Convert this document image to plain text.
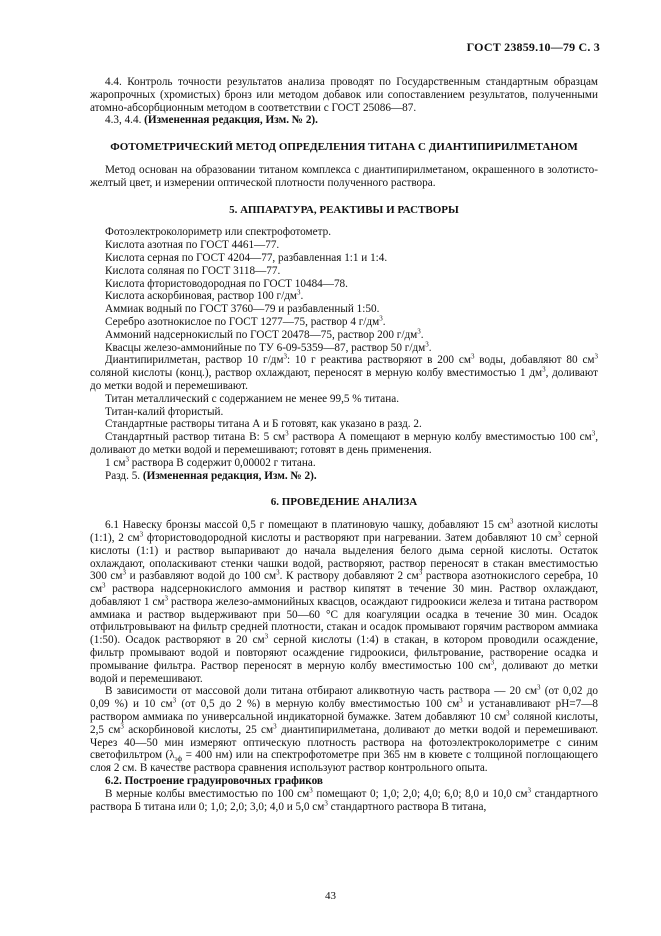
ГОСТ 23859.10—79 С. 3

4.4. Контроль точности результатов анализа проводят по Государственным стандартным образцам жаропрочных (хромистых) бронз или методом добавок или сопоставлением результатов, полученными атомно-абсорбционным методом в соответствии с ГОСТ 25086—87.

4.3, 4.4. (Измененная редакция, Изм. № 2).

ФОТОМЕТРИЧЕСКИЙ МЕТОД ОПРЕДЕЛЕНИЯ ТИТАНА С ДИАНТИПИРИЛМЕТАНОМ

Метод основан на образовании титаном комплекса с диантипирилметаном, окрашенного в золотисто-желтый цвет, и измерении оптической плотности полученного раствора.

5. АППАРАТУРА, РЕАКТИВЫ И РАСТВОРЫ

Фотоэлектроколориметр или спектрофотометр.

Кислота азотная по ГОСТ 4461—77.

Кислота серная по ГОСТ 4204—77, разбавленная 1:1 и 1:4.

Кислота соляная по ГОСТ 3118—77.

Кислота фтористоводородная по ГОСТ 10484—78.

Кислота аскорбиновая, раствор 100 $г/дм^3$.

Аммиак водный по ГОСТ 3760—79 и разбавленный 1:50.

Серебро азотнокислое по ГОСТ 1277—75, раствор 4 $г/дм^3$.

Аммоний надсернокислый по ГОСТ 20478—75, раствор 200 $г/дм^3$.

Квасцы железо-аммонийные по ТУ 6-09-5359—87, раствор 50 $г/дм^3$.

Диантипирилметан, раствор 10 $г/дм^3$: 10 г реактива растворяют в 200 $см^3$ воды, добавляют 80 $см^3$ соляной кислоты (конц.), раствор охлаждают, переносят в мерную колбу вместимостью 1 $дм^3$, доливают до метки водой и перемешивают.

Титан металлический с содержанием не менее 99,5 % титана.

Титан-калий фтористый.

Стандартные растворы титана А и Б готовят, как указано в разд. 2.

Стандартный раствор титана В: 5 $см^3$ раствора А помещают в мерную колбу вместимостью 100 $см^3$, доливают до метки водой и перемешивают; готовят в день применения.

1 $см^3$ раствора В содержит 0,00002 г титана.

Разд. 5. (Измененная редакция, Изм. № 2).

6. ПРОВЕДЕНИЕ АНАЛИЗА

6.1 Навеску бронзы массой 0,5 г помещают в платиновую чашку, добавляют 15 $см^3$ азотной кислоты (1:1), 2 $см^3$ фтористоводородной кислоты и растворяют при нагревании. Затем добавляют 10 $см^3$ серной кислоты (1:1) и раствор выпаривают до начала выделения белого дыма серной кислоты. Остаток охлаждают, ополаскивают стенки чашки водой, растворяют, раствор переносят в стакан вместимостью 300 $см^3$ и разбавляют водой до 100 $см^3$. К раствору добавляют 2 $см^3$ раствора азотнокислого серебра, 10 $см^3$ раствора надсернокислого аммония и раствор кипятят в течение 30 мин. Раствор охлаждают, добавляют 1 $см^3$ раствора железо-аммонийных квасцов, осаждают гидроокиси железа и титана раствором аммиака и раствор выдерживают при 50—60 °С для коагуляции осадка в течение 30 мин. Осадок отфильтровывают на фильтр средней плотности, стакан и осадок промывают горячим раствором аммиака (1:50). Осадок растворяют в 20 $см^3$ серной кислоты (1:4) в стакан, в котором проводили осаждение, фильтр промывают водой и повторяют осаждение гидроокиси, фильтрование, растворение осадка и промывание фильтра. Раствор переносят в мерную колбу вместимостью 100 $см^3$, доливают до метки водой и перемешивают.

В зависимости от массовой доли титана отбирают аликвотную часть раствора — 20 $см^3$ (от 0,02 до 0,09 %) и 10 $см^3$ (от 0,5 до 2 %) в мерную колбу вместимостью 100 $см^3$ и устанавливают pH=7—8 раствором аммиака по универсальной индикаторной бумажке. Затем добавляют 10 $см^3$ соляной кислоты, 2,5 $см^3$ аскорбиновой кислоты, 25 $см^3$ диантипирилметана, доливают до метки водой и перемешивают. Через 40—50 мин измеряют оптическую плотность раствора на фотоэлектроколориметре с синим светофильтром ($\lambda_{эф} = 400$ нм) или на спектрофотометре при 365 нм в кювете с толщиной поглощающего слоя 2 см. В качестве раствора сравнения используют раствор контрольного опыта.

6.2. Построение градуировочных графиков

В мерные колбы вместимостью по 100 $см^3$ помещают 0; 1,0; 2,0; 4,0; 6,0; 8,0 и 10,0 $см^3$ стандартного раствора Б титана или 0; 1,0; 2,0; 3,0; 4,0 и 5,0 $см^3$ стандартного раствора В титана,

43
